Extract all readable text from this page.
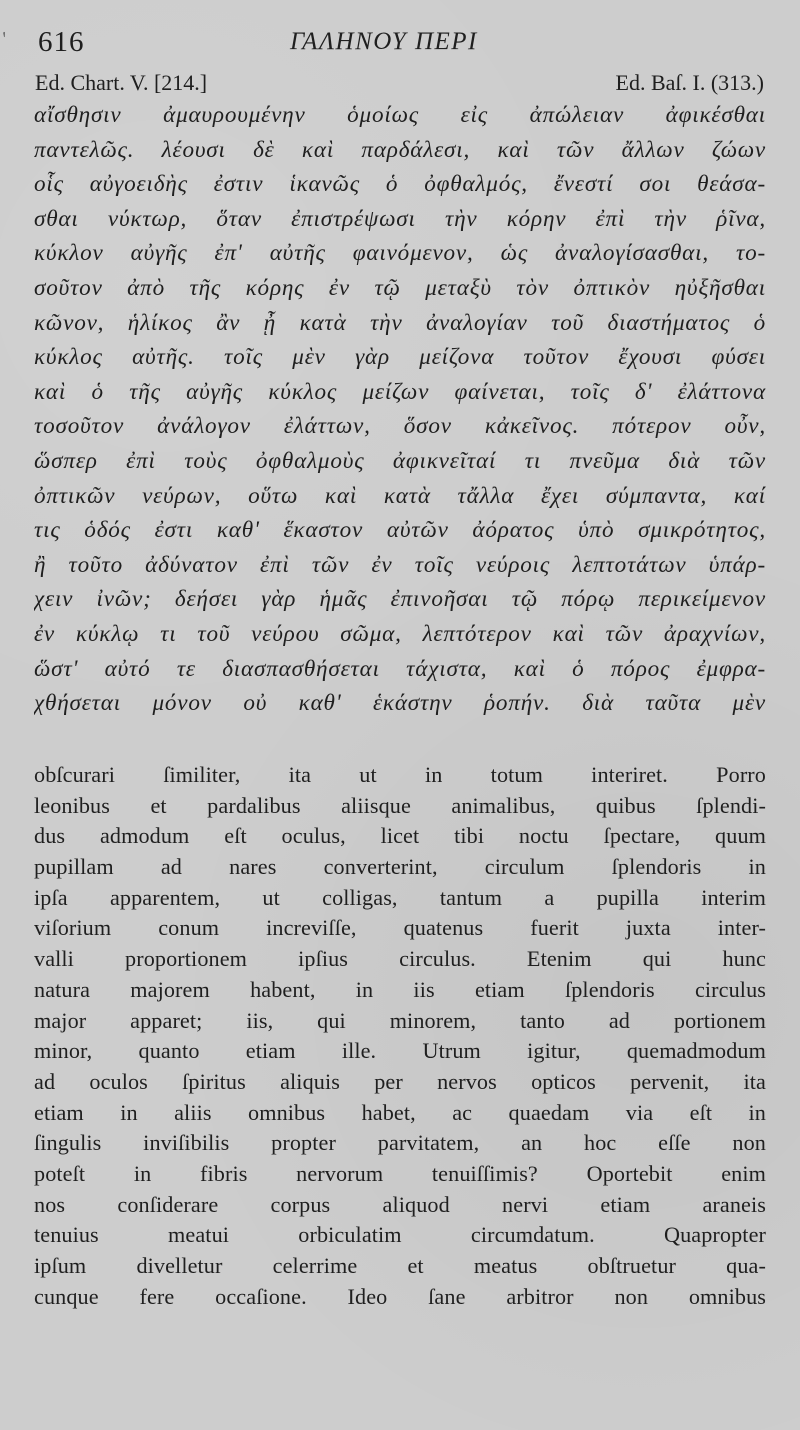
′ 616	ΓΑΛΗΝΟΥ ΠΕΡΙ
Ed. Chart. V. [214.]	Ed. Baſ. I. (313.)
αἴσθησιν ἀμαυρουμένην ὁμοίως εἰς ἀπώλειαν ἀφικέσθαι
παντελῶς. λέουσι δὲ καὶ παρδάλεσι, καὶ τῶν ἄλλων ζώων
οἷς αὐγοειδὴς ἐστιν ἱκανῶς ὁ ὀφθαλμός, ἔνεστί σοι θεάσα-
σθαι νύκτωρ, ὅταν ἐπιστρέψωσι τὴν κόρην ἐπὶ τὴν ῥῖνα,
κύκλον αὐγῆς ἐπ' αὐτῆς φαινόμενον, ὡς ἀναλογίσασθαι, το-
σοῦτον ἀπὸ τῆς κόρης ἐν τῷ μεταξὺ τὸν ὀπτικὸν ηὐξῆσθαι
κῶνον, ἡλίκος ἂν ᾖ κατὰ τὴν ἀναλογίαν τοῦ διαστήματος ὁ
κύκλος αὐτῆς. τοῖς μὲν γὰρ μείζονα τοῦτον ἔχουσι φύσει
καὶ ὁ τῆς αὐγῆς κύκλος μείζων φαίνεται, τοῖς δ' ἐλάττονα
τοσοῦτον ἀνάλογον ἐλάττων, ὅσον κἀκεῖνος. πότερον οὖν,
ὥσπερ ἐπὶ τοὺς ὀφθαλμοὺς ἀφικνεῖταί τι πνεῦμα διὰ τῶν
ὀπτικῶν νεύρων, οὕτω καὶ κατὰ τἄλλα ἔχει σύμπαντα, καί
τις ὁδός ἐστι καθ' ἕκαστον αὐτῶν ἀόρατος ὑπὸ σμικρότητος,
ἢ τοῦτο ἀδύνατον ἐπὶ τῶν ἐν τοῖς νεύροις λεπτοτάτων ὑπάρ-
χειν ἰνῶν; δεήσει γὰρ ἡμᾶς ἐπινοῆσαι τῷ πόρῳ περικείμενον
ἐν κύκλῳ τι τοῦ νεύρου σῶμα, λεπτότερον καὶ τῶν ἀραχνίων,
ὥστ' αὐτό τε διασπασθήσεται τάχιστα, καὶ ὁ πόρος ἐμφρα-
χθήσεται μόνον οὐ καθ' ἑκάστην ῥοπήν. διὰ ταῦτα μὲν
obſcurari ſimiliter, ita ut in totum interiret. Porro
leonibus et pardalibus aliisque animalibus, quibus ſplendi-
dus admodum eſt oculus, licet tibi noctu ſpectare, quum
pupillam ad nares converterint, circulum ſplendoris in
ipſa apparentem, ut colligas, tantum a pupilla interim
viſorium conum increviſſe, quatenus fuerit juxta inter-
valli proportionem ipſius circulus. Etenim qui hunc
natura majorem habent, in iis etiam ſplendoris circulus
major apparet; iis, qui minorem, tanto ad portionem
minor, quanto etiam ille. Utrum igitur, quemadmodum
ad oculos ſpiritus aliquis per nervos opticos pervenit, ita
etiam in aliis omnibus habet, ac quaedam via eſt in
ſingulis inviſibilis propter parvitatem, an hoc eſſe non
poteſt in fibris nervorum tenuiſſimis? Oportebit enim
nos conſiderare corpus aliquod nervi etiam araneis
tenuius meatui orbiculatim circumdatum. Quapropter
ipſum divelletur celerrime et meatus obſtruetur qua-
cunque fere occaſione. Ideo ſane arbitror non omnibus
